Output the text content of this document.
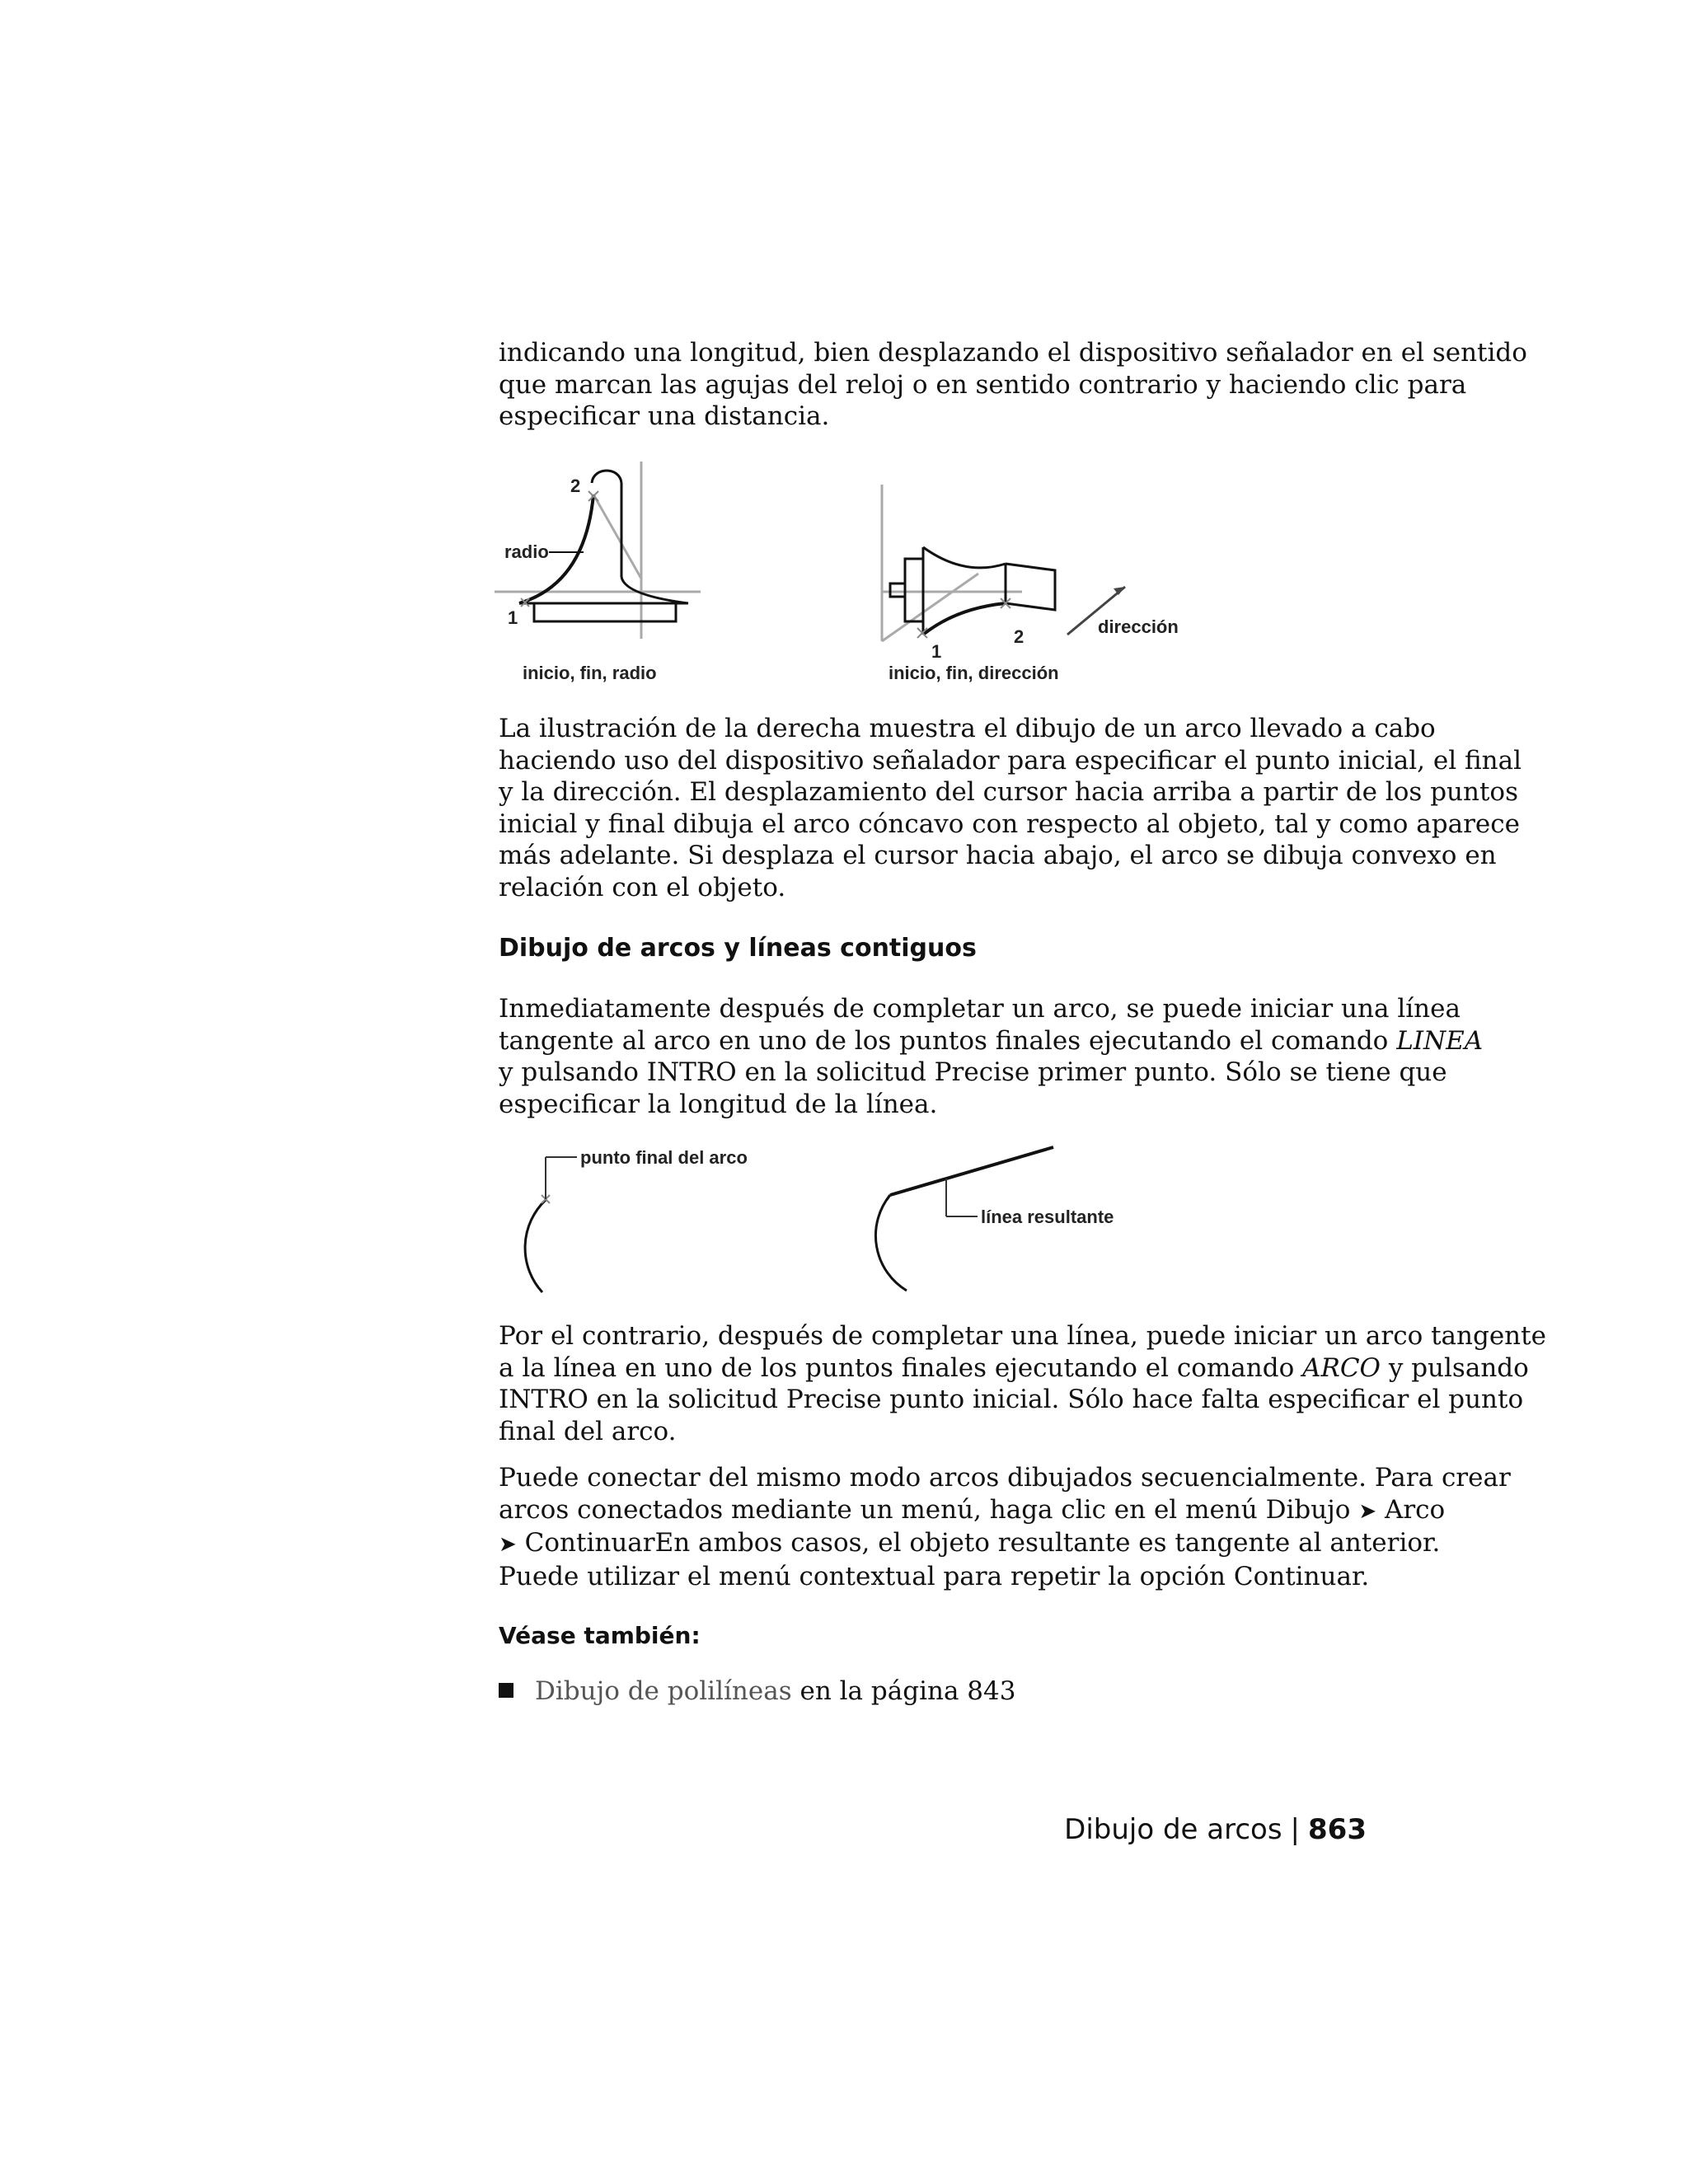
indicando una longitud, bien desplazando el dispositivo señalador en el sentido
que marcan las agujas del reloj o en sentido contrario y haciendo clic para
especificar una distancia.

2
radio
1
inicio, fin, radio
1
2	dirección
inicio, fin, dirección

La ilustración de la derecha muestra el dibujo de un arco llevado a cabo
haciendo uso del dispositivo señalador para especificar el punto inicial, el final
y la dirección. El desplazamiento del cursor hacia arriba a partir de los puntos
inicial y final dibuja el arco cóncavo con respecto al objeto, tal y como aparece
más adelante. Si desplaza el cursor hacia abajo, el arco se dibuja convexo en
relación con el objeto.

Dibujo de arcos y líneas contiguos

Inmediatamente después de completar un arco, se puede iniciar una línea
tangente al arco en uno de los puntos finales ejecutando el comando LINEA
y pulsando INTRO en la solicitud Precise primer punto. Sólo se tiene que
especificar la longitud de la línea.

punto final del arco
línea resultante

Por el contrario, después de completar una línea, puede iniciar un arco tangente
a la línea en uno de los puntos finales ejecutando el comando ARCO y pulsando
INTRO en la solicitud Precise punto inicial. Sólo hace falta especificar el punto
final del arco.

Puede conectar del mismo modo arcos dibujados secuencialmente. Para crear
arcos conectados mediante un menú, haga clic en el menú Dibujo ➤ Arco
➤ ContinuarEn ambos casos, el objeto resultante es tangente al anterior.
Puede utilizar el menú contextual para repetir la opción Continuar.

Véase también:
Dibujo de polilíneas en la página 843
Dibujo de arcos | 863
